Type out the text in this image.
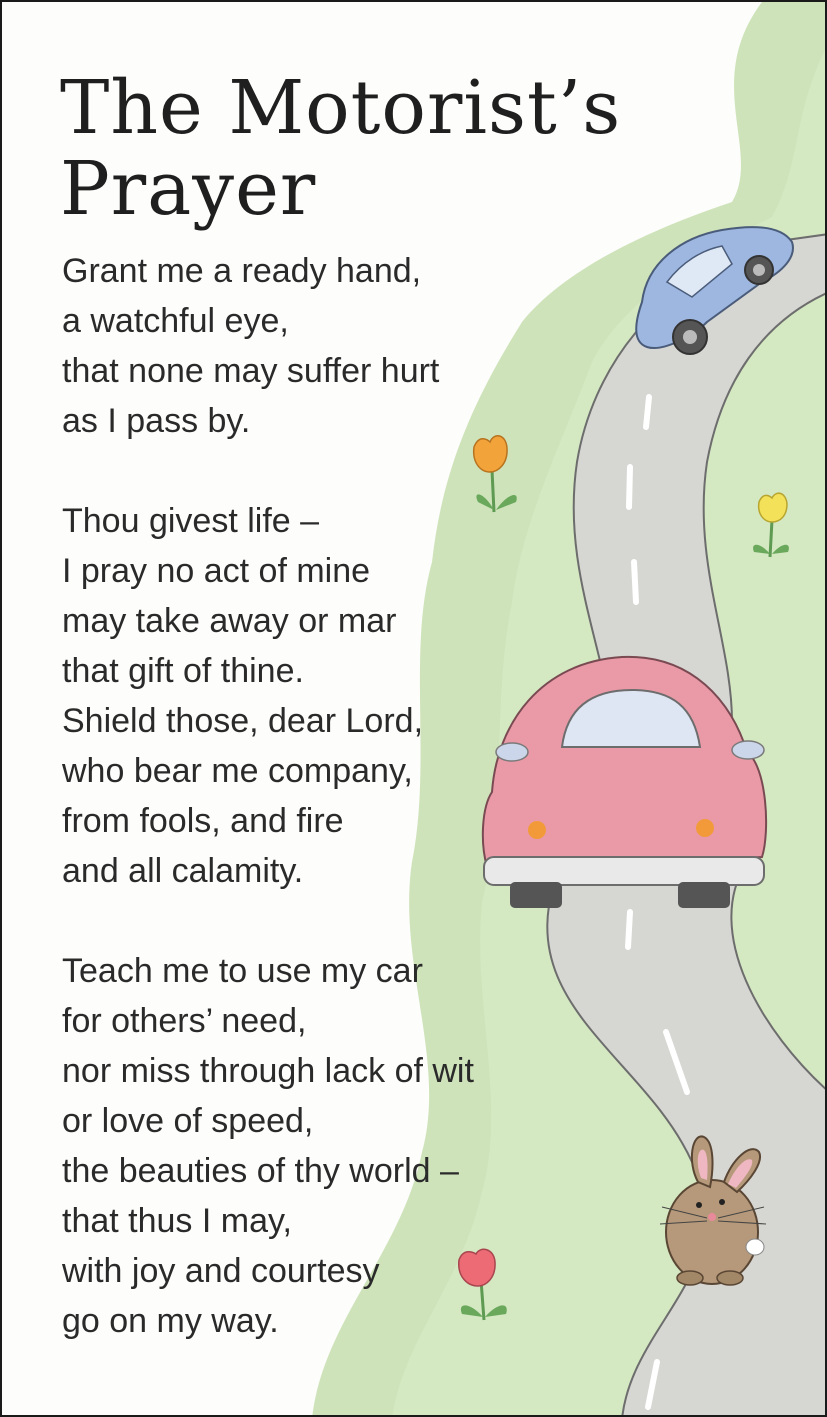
The Motorist’s Prayer
Grant me a ready hand,
a watchful eye,
that none may suffer hurt
as I pass by.
Thou givest life –
I pray no act of mine
may take away or mar
that gift of thine.
Shield those, dear Lord,
who bear me company,
from fools, and fire
and all calamity.
Teach me to use my car
for others’ need,
nor miss through lack of wit
or love of speed,
the beauties of thy world –
that thus I may,
with joy and courtesy
go on my way.
